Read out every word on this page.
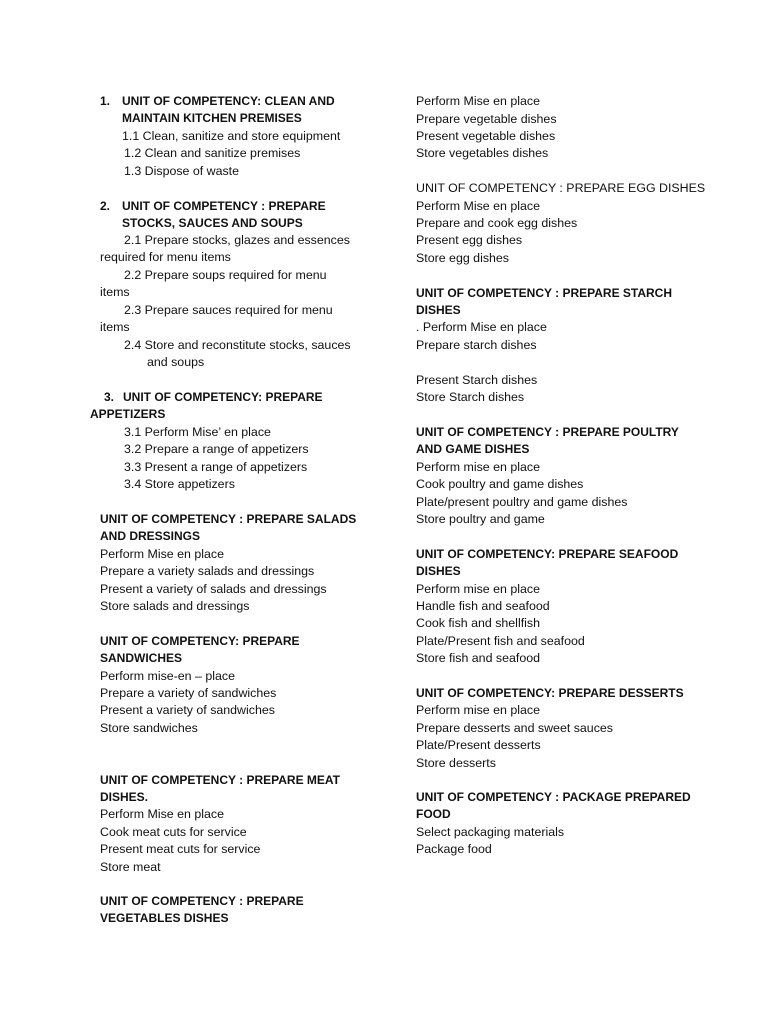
1. UNIT OF COMPETENCY: CLEAN AND
MAINTAIN KITCHEN PREMISES
1.1 Clean, sanitize and store equipment
1.2 Clean and sanitize premises
1.3 Dispose of waste
2. UNIT OF COMPETENCY : PREPARE
STOCKS, SAUCES AND SOUPS
2.1 Prepare stocks, glazes and essences
required for menu items
2.2 Prepare soups required for menu
items
2.3 Prepare sauces required for menu
items
2.4 Store and reconstitute stocks, sauces
and soups
3. UNIT OF COMPETENCY: PREPARE
APPETIZERS
3.1 Perform Mise’ en place
3.2 Prepare a range of appetizers
3.3 Present a range of appetizers
3.4 Store appetizers
UNIT OF COMPETENCY : PREPARE SALADS
AND DRESSINGS
Perform Mise en place
Prepare a variety salads and dressings
Present a variety of salads and dressings
Store salads and dressings
UNIT OF COMPETENCY: PREPARE
SANDWICHES
Perform mise-en – place
Prepare a variety of sandwiches
Present a variety of sandwiches
Store sandwiches
UNIT OF COMPETENCY : PREPARE MEAT
DISHES.
Perform Mise en place
Cook meat cuts for service
Present meat cuts for service
Store meat
UNIT OF COMPETENCY : PREPARE
VEGETABLES DISHES
Perform Mise en place
Prepare vegetable dishes
Present vegetable dishes
Store vegetables dishes
UNIT OF COMPETENCY : PREPARE EGG DISHES
Perform Mise en place
Prepare and cook egg dishes
Present egg dishes
Store egg dishes
UNIT OF COMPETENCY : PREPARE STARCH
DISHES
. Perform Mise en place
Prepare starch dishes
Present Starch dishes
Store Starch dishes
UNIT OF COMPETENCY : PREPARE POULTRY
AND GAME DISHES
Perform mise en place
Cook poultry and game dishes
Plate/present poultry and game dishes
Store poultry and game
UNIT OF COMPETENCY: PREPARE SEAFOOD
DISHES
Perform mise en place
Handle fish and seafood
Cook fish and shellfish
Plate/Present fish and seafood
Store fish and seafood
UNIT OF COMPETENCY: PREPARE DESSERTS
Perform mise en place
Prepare desserts and sweet sauces
Plate/Present desserts
Store desserts
UNIT OF COMPETENCY : PACKAGE PREPARED
FOOD
Select packaging materials
Package food
